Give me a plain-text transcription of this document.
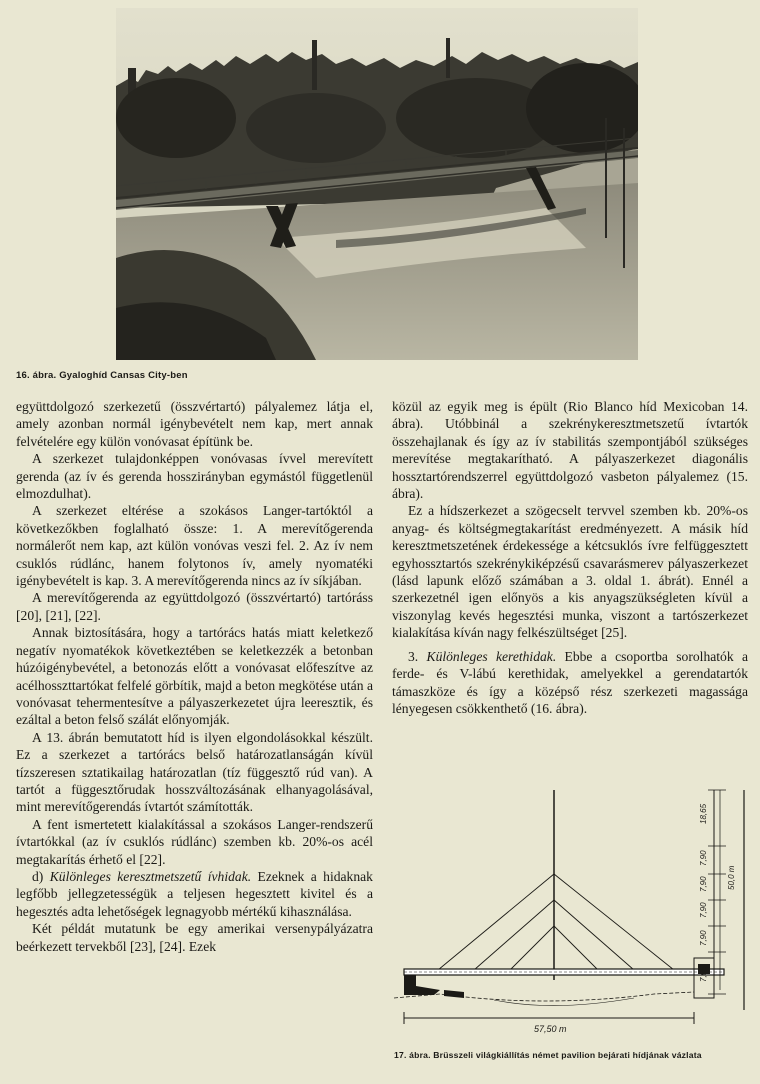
16. ábra. Gyaloghíd Cansas City-ben

együttdolgozó szerkezetű (összvértartó) pályalemez látja el, amely azonban normál igénybevételt nem kap, mert annak felvételére egy külön vonóvasat építünk be.

A szerkezet tulajdonképpen vonóvasas ívvel merevített gerenda (az ív és gerenda hosszirányban egymástól függetlenül elmozdulhat).

A szerkezet eltérése a szokásos Langer-tartóktól a következőkben foglalható össze: 1. A merevítőgerenda normálerőt nem kap, azt külön vonóvas veszi fel. 2. Az ív nem csuklós rúdlánc, hanem folytonos ív, amely nyomatéki igénybevételt is kap. 3. A merevítőgerenda nincs az ív síkjában.

A merevítőgerenda az együttdolgozó (összvértartó) tartóráss [20], [21], [22].

Annak biztosítására, hogy a tartórács hatás miatt keletkező negatív nyomatékok következtében se keletkezzék a betonban húzóigénybevétel, a betonozás előtt a vonóvasat előfeszítve az acélhosszttartókat felfelé görbítik, majd a beton megkötése után a vonóvasat tehermentesítve a pályaszerkezetet újra leeresztik, és ezáltal a beton felső szálát előnyomják.

A 13. ábrán bemutatott híd is ilyen elgondolásokkal készült. Ez a szerkezet a tartórács belső határozatlanságán kívül tízszeresen sztatikailag határozatlan (tíz függesztő rúd van). A tartót a függesztőrudak hosszváltozásának elhanyagolásával, mint merevítőgerendás ívtartót számították.

A fent ismertetett kialakítással a szokásos Langer-rendszerű ívtartókkal (az ív csuklós rúdlánc) szemben kb. 20%-os acél megtakarítás érhető el [22].

d) Különleges keresztmetszetű ívhidak. Ezeknek a hidaknak legfőbb jellegzetességük a teljesen hegesztett kivitel és a hegesztés adta lehetőségek legnagyobb mértékű kihasználása.

Két példát mutatunk be egy amerikai versenypályázatra beérkezett tervekből [23], [24]. Ezek

közül az egyik meg is épült (Rio Blanco híd Mexicoban 14. ábra). Utóbbinál a szekrénykeresztmetszetű ívtartók összehajlanak és így az ív stabilitás szempontjából szükséges merevítése megtakarítható. A pályaszerkezet diagonális hossztartórendszerrel együttdolgozó vasbeton pályalemez (15. ábra).

Ez a hídszerkezet a szögecselt tervvel szemben kb. 20%-os anyag- és költségmegtakarítást eredményezett. A másik híd keresztmetszetének érdekessége a kétcsuklós ívre felfüggesztett egyhossztartós szekrénykiképzésű csavarásmerev pályaszerkezet (lásd lapunk előző számában a 3. oldal 1. ábrát). Ennél a szerkezetnél igen előnyös a kis anyagszükségleten kívül a viszonylag kevés hegesztési munka, viszont a tartószerkezet kialakítása kíván nagy felkészültséget [25].

3. Különleges kerethidak. Ebbe a csoportba sorolhatók a ferde- és V-lábú kerethidak, amelyekkel a gerendatartók támaszköze és így a középső rész szerkezeti magassága lényegesen csökkenthető (16. ábra).

18,65
7,90
7,90
7,90
7,90
7,65
50,0 m
57,50 m
17. ábra. Brüsszeli világkiállítás német pavilion bejárati hídjának vázlata
